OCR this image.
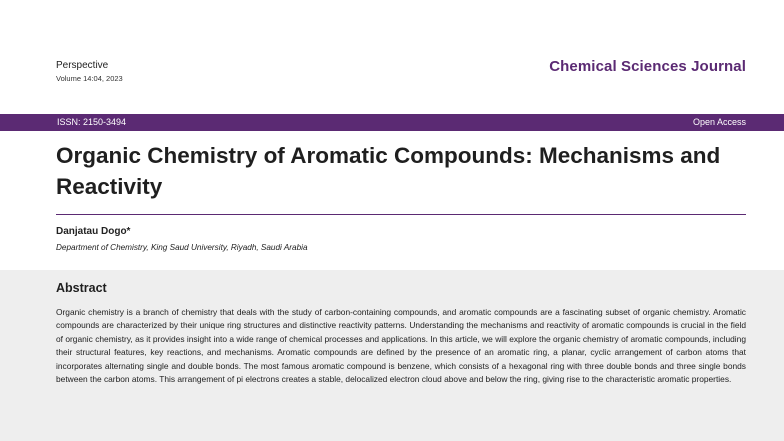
Perspective
Volume 14:04, 2023
Chemical Sciences Journal
ISSN: 2150-3494	Open Access
Organic Chemistry of Aromatic Compounds: Mechanisms and Reactivity
Danjatau Dogo*
Department of Chemistry, King Saud University, Riyadh, Saudi Arabia
Abstract

Organic chemistry is a branch of chemistry that deals with the study of carbon-containing compounds, and aromatic compounds are a fascinating subset of organic chemistry. Aromatic compounds are characterized by their unique ring structures and distinctive reactivity patterns. Understanding the mechanisms and reactivity of aromatic compounds is crucial in the field of organic chemistry, as it provides insight into a wide range of chemical processes and applications. In this article, we will explore the organic chemistry of aromatic compounds, including their structural features, key reactions, and mechanisms. Aromatic compounds are defined by the presence of an aromatic ring, a planar, cyclic arrangement of carbon atoms that incorporates alternating single and double bonds. The most famous aromatic compound is benzene, which consists of a hexagonal ring with three double bonds and three single bonds between the carbon atoms. This arrangement of pi electrons creates a stable, delocalized electron cloud above and below the ring, giving rise to the characteristic aromatic properties.
